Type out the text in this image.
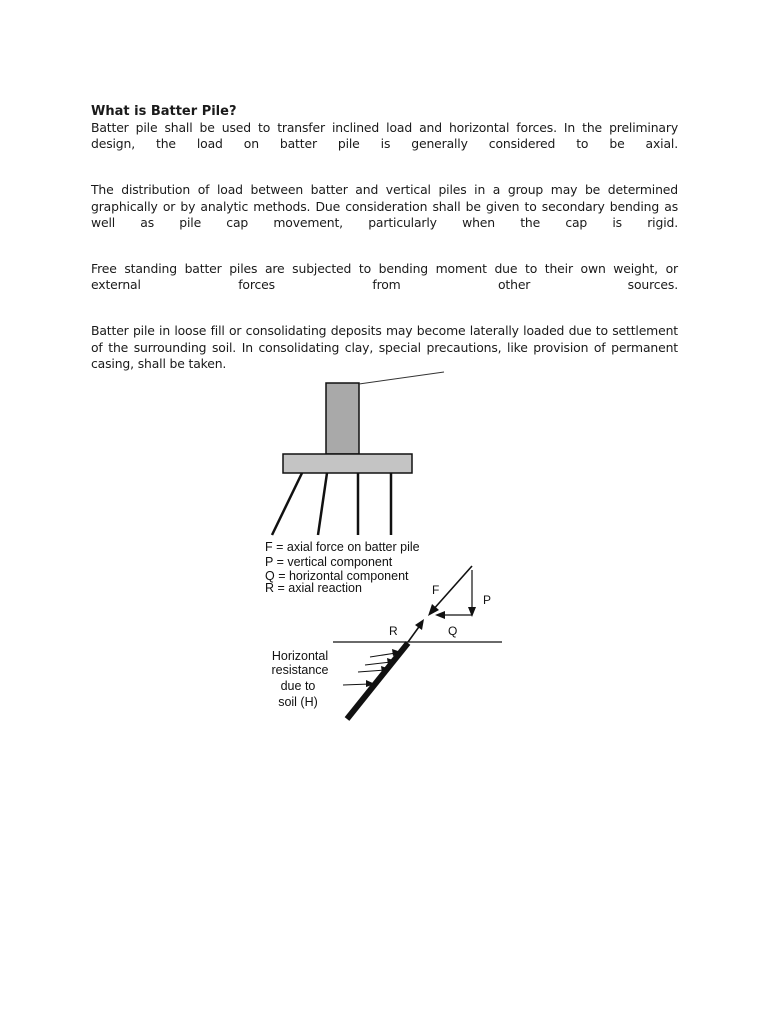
What is Batter Pile?

Batter pile shall be used to transfer inclined load and horizontal forces. In the preliminary

design, the load on batter pile is generally considered to be axial.

The distribution of load between batter and vertical piles in a group may be determined

graphically or by analytic methods. Due consideration shall be given to secondary bending as

well as pile cap movement, particularly when the cap is rigid.

Free standing batter piles are subjected to bending moment due to their own weight, or

external forces from other sources.

Batter pile in loose fill or consolidating deposits may become laterally loaded due to settlement

of the surrounding soil. In consolidating clay, special precautions, like provision of permanent

casing, shall be taken.

F = axial force on batter pile
P = vertical component
Q = horizontal component
R = axial reaction	F
P
Q
R
Horizontal
resistance
due to
soil (H)
